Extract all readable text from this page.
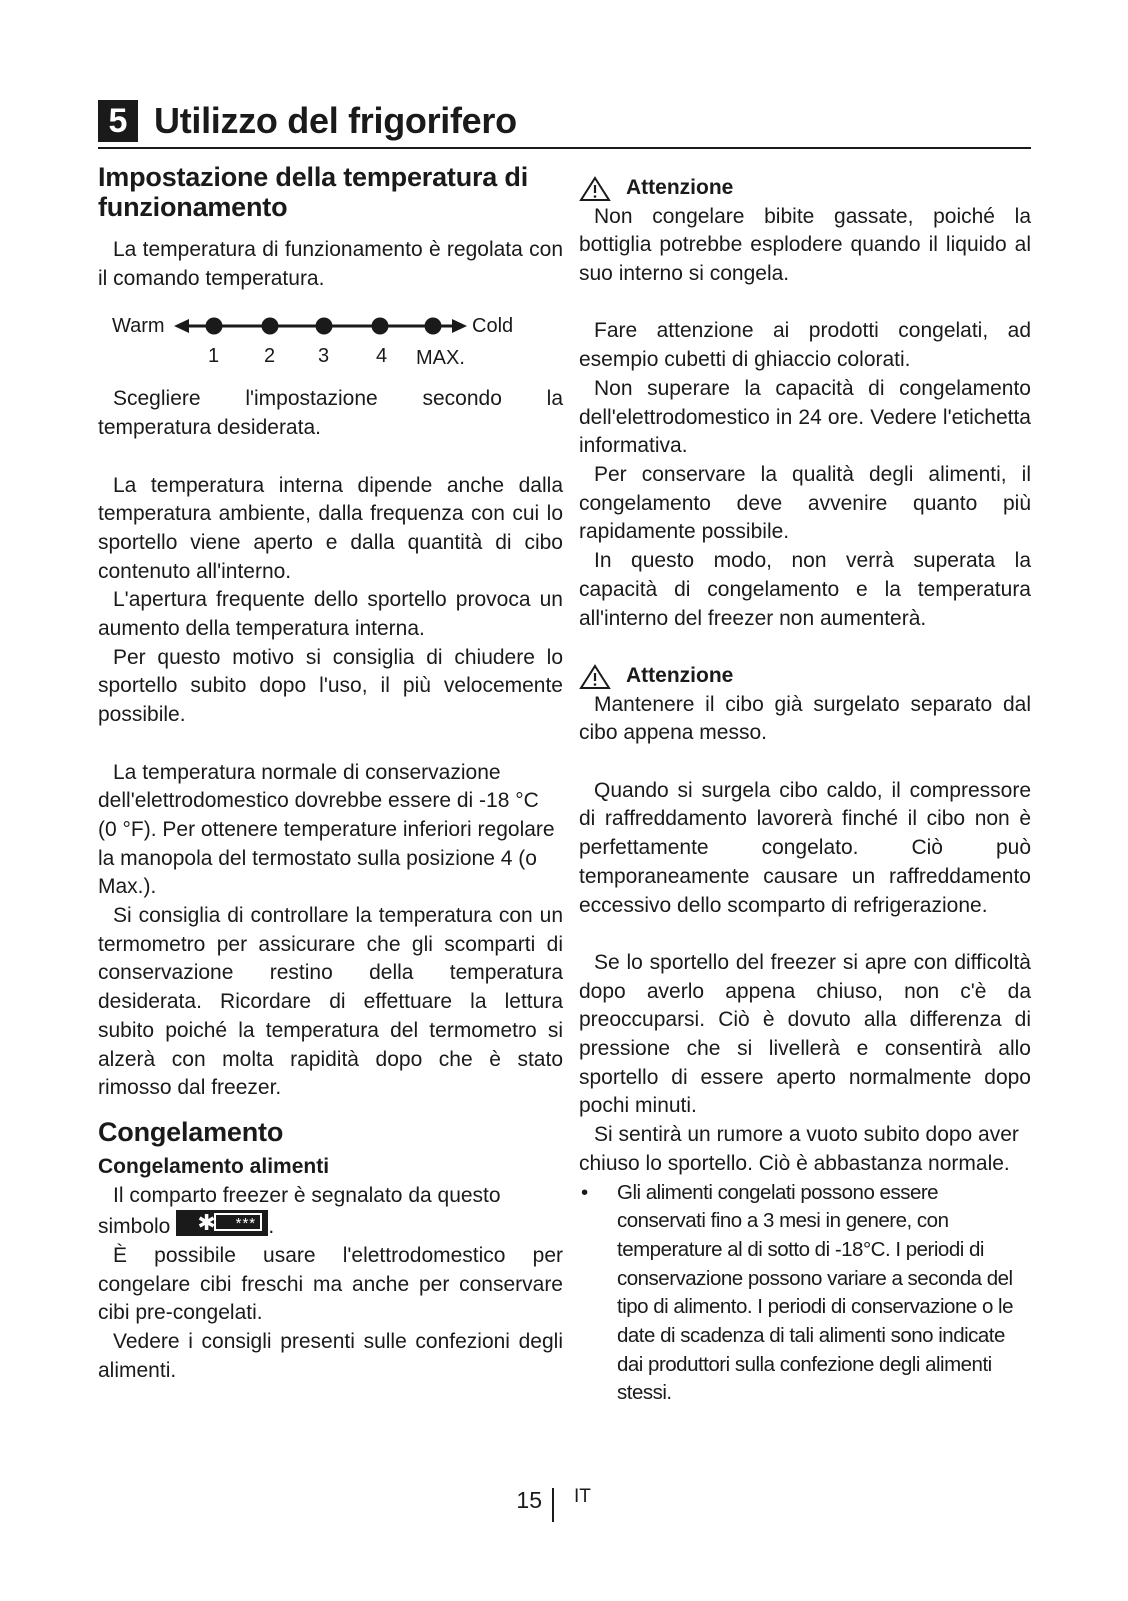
5 Utilizzo del frigorifero
Impostazione della temperatura di funzionamento

La temperatura di funzionamento è regolata con il comando temperatura.

Warm	Cold
1 2 3 4 MAX.

Scegliere l'impostazione secondo la temperatura desiderata.

La temperatura interna dipende anche dalla temperatura ambiente, dalla frequenza con cui lo sportello viene aperto e dalla quantità di cibo contenuto all'interno.

L'apertura frequente dello sportello provoca un aumento della temperatura interna.

Per questo motivo si consiglia di chiudere lo sportello subito dopo l'uso, il più velocemente possibile.

La temperatura normale di conservazione dell'elettrodomestico dovrebbe essere di -18 °C (0 °F). Per ottenere temperature inferiori regolare la manopola del termostato sulla posizione 4 (o Max.).

Si consiglia di controllare la temperatura con un termometro per assicurare che gli scomparti di conservazione restino della temperatura desiderata. Ricordare di effettuare la lettura subito poiché la temperatura del termometro si alzerà con molta rapidità dopo che è stato rimosso dal freezer.

Congelamento
Congelamento alimenti

Il comparto freezer è segnalato da questo simbolo	✱	*** .

È possibile usare l'elettrodomestico per congelare cibi freschi ma anche per conservare cibi pre-congelati.

Vedere i consigli presenti sulle confezioni degli alimenti.

Attenzione

Non congelare bibite gassate, poiché la bottiglia potrebbe esplodere quando il liquido al suo interno si congela.

Fare attenzione ai prodotti congelati, ad esempio cubetti di ghiaccio colorati.

Non superare la capacità di congelamento dell'elettrodomestico in 24 ore. Vedere l'etichetta informativa.

Per conservare la qualità degli alimenti, il congelamento deve avvenire quanto più rapidamente possibile.

In questo modo, non verrà superata la capacità di congelamento e la temperatura all'interno del freezer non aumenterà.

Attenzione

Mantenere il cibo già surgelato separato dal cibo appena messo.

Quando si surgela cibo caldo, il compressore di raffreddamento lavorerà finché il cibo non è perfettamente congelato. Ciò può temporaneamente causare un raffreddamento eccessivo dello scomparto di refrigerazione.

Se lo sportello del freezer si apre con difficoltà dopo averlo appena chiuso, non c'è da preoccuparsi. Ciò è dovuto alla differenza di pressione che si livellerà e consentirà allo sportello di essere aperto normalmente dopo pochi minuti.

Si sentirà un rumore a vuoto subito dopo aver chiuso lo sportello. Ciò è abbastanza normale.

• Gli alimenti congelati possono essere conservati fino a 3 mesi in genere, con temperature al di sotto di -18°C. I periodi di conservazione possono variare a seconda del tipo di alimento. I periodi di conservazione o le date di scadenza di tali alimenti sono indicate dai produttori sulla confezione degli alimenti stessi.
15 IT
